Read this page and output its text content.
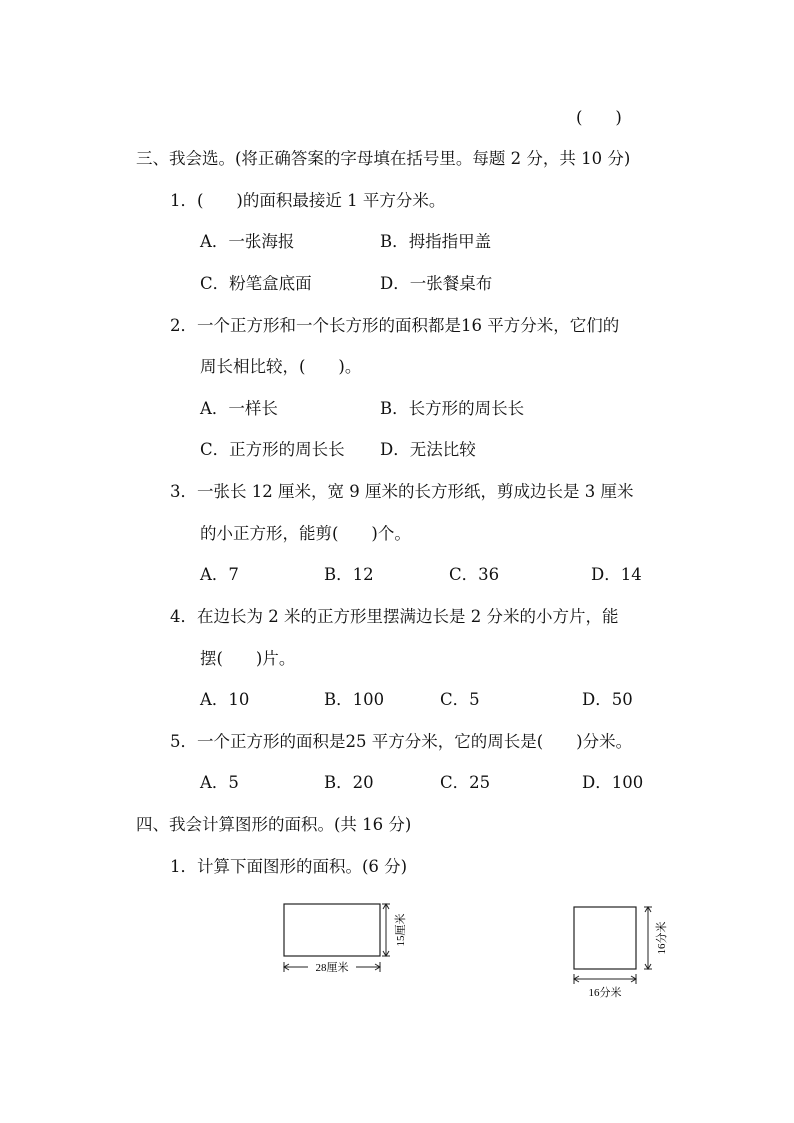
(　　)
三、我会选。(将正确答案的字母填在括号里。每题 2 分，共 10 分)
1．(　　)的面积最接近 1 平方分米。
A．一张海报	B．拇指指甲盖
C．粉笔盒底面	D．一张餐桌布
2．一个正方形和一个长方形的面积都是16 平方分米，它们的
周长相比较，(　　)。
A．一样长	B．长方形的周长长
C．正方形的周长长 D．无法比较
3．一张长 12 厘米，宽 9 厘米的长方形纸，剪成边长是 3 厘米
的小正方形，能剪(　　)个。
A．7	B．12	C．36	D．14
4．在边长为 2 米的正方形里摆满边长是 2 分米的小方片，能
摆(　　)片。
A．10	B．100	C．5	D．50
5．一个正方形的面积是25 平方分米，它的周长是(　　)分米。
A．5	B．20	C．25	D．100
四、我会计算图形的面积。(共 16 分)
1．计算下面图形的面积。(6 分)
15厘米
28厘米
16分米
16分米
